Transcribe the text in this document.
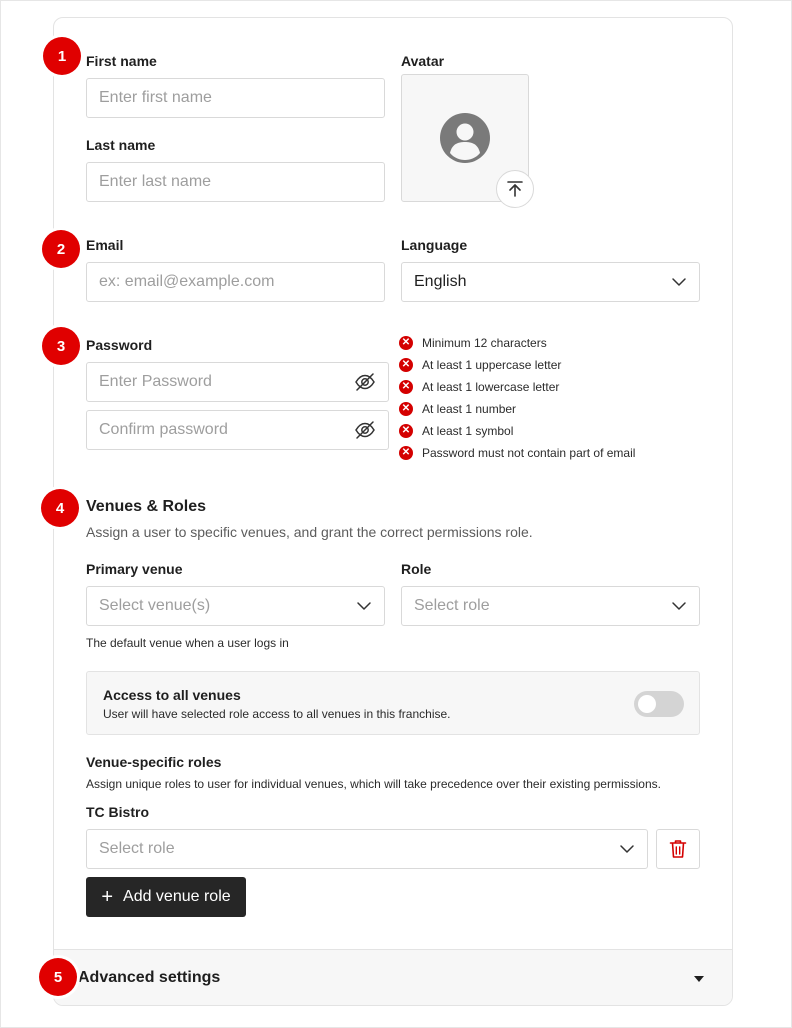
First name
Enter first name
Last name
Enter last name
Avatar
Email
ex: email@example.com
Language
English
Password
Enter Password
Confirm password
✕ Minimum 12 characters
✕ At least 1 uppercase letter
✕ At least 1 lowercase letter
✕ At least 1 number
✕ At least 1 symbol
✕ Password must not contain part of email
Venues & Roles
Assign a user to specific venues, and grant the correct permissions role.
Primary venue
Select venue(s)
The default venue when a user logs in
Role
Select role
Access to all venues
User will have selected role access to all venues in this franchise.
Venue-specific roles
Assign unique roles to user for individual venues, which will take precedence over their existing permissions.
TC Bistro
Select role
+ Add venue role
Advanced settings
1
2
3
4
5
